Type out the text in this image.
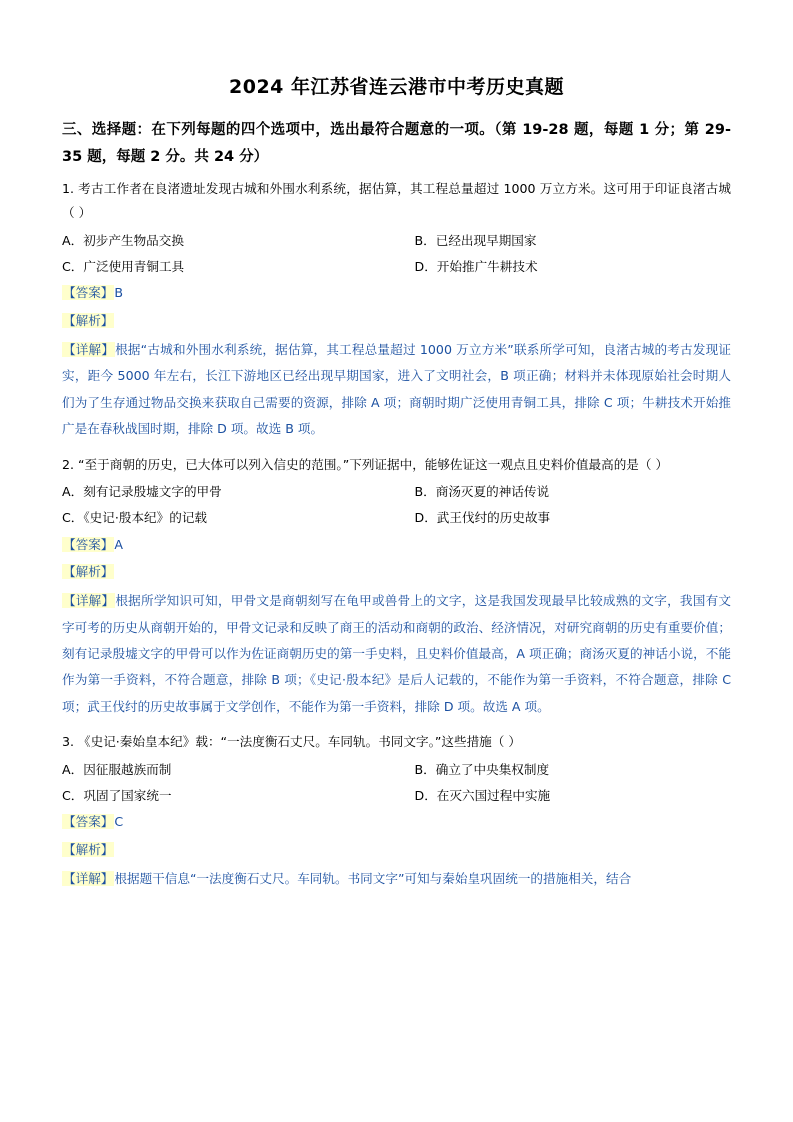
2024 年江苏省连云港市中考历史真题
三、选择题：在下列每题的四个选项中，选出最符合题意的一项。（第 19-28 题，每题 1 分；第 29-35 题，每题 2 分。共 24 分）
1. 考古工作者在良渚遗址发现古城和外围水利系统，据估算，其工程总量超过 1000 万立方米。这可用于印证良渚古城（ ）
A．初步产生物品交换	B．已经出现早期国家
C．广泛使用青铜工具	D．开始推广牛耕技术
【答案】B
【解析】
【详解】根据“古城和外围水利系统，据估算，其工程总量超过 1000 万立方米”联系所学可知，良渚古城的考古发现证实，距今 5000 年左右，长江下游地区已经出现早期国家，进入了文明社会，B 项正确；材料并未体现原始社会时期人们为了生存通过物品交换来获取自己需要的资源，排除 A 项；商朝时期广泛使用青铜工具，排除 C 项；牛耕技术开始推广是在春秋战国时期，排除 D 项。故选 B 项。
2. “至于商朝的历史，已大体可以列入信史的范围。”下列证据中，能够佐证这一观点且史料价值最高的是（ ）
A．刻有记录殷墟文字的甲骨	B．商汤灭夏的神话传说
C．《史记·殷本纪》的记载	D．武王伐纣的历史故事
【答案】A
【解析】
【详解】根据所学知识可知，甲骨文是商朝刻写在龟甲或兽骨上的文字，这是我国发现最早比较成熟的文字，我国有文字可考的历史从商朝开始的，甲骨文记录和反映了商王的活动和商朝的政治、经济情况，对研究商朝的历史有重要价值；刻有记录殷墟文字的甲骨可以作为佐证商朝历史的第一手史料，且史料价值最高，A 项正确；商汤灭夏的神话小说，不能作为第一手资料，不符合题意，排除 B 项；《史记·殷本纪》是后人记载的，不能作为第一手资料，不符合题意，排除 C 项；武王伐纣的历史故事属于文学创作，不能作为第一手资料，排除 D 项。故选 A 项。
3. 《史记·秦始皇本纪》载：“一法度衡石丈尺。车同轨。书同文字。”这些措施（ ）
A．因征服越族而制	B．确立了中央集权制度
C．巩固了国家统一	D．在灭六国过程中实施
【答案】C
【解析】
【详解】根据题干信息“一法度衡石丈尺。车同轨。书同文字”可知与秦始皇巩固统一的措施相关，结合
